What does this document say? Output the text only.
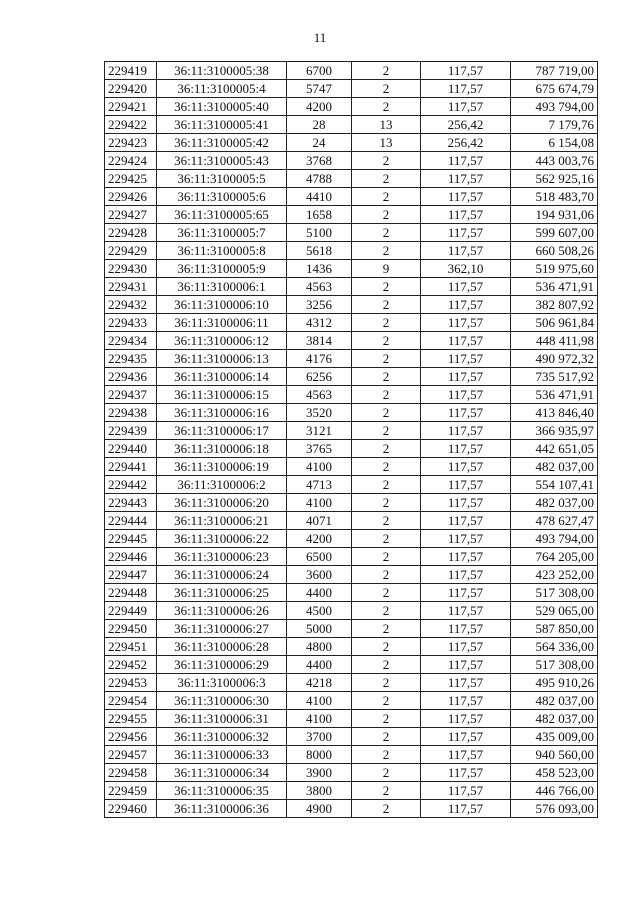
11
229419	36:11:3100005:38	6700	2	117,57	787 719,00
229420	36:11:3100005:4	5747	2	117,57	675 674,79
229421	36:11:3100005:40	4200	2	117,57	493 794,00
229422	36:11:3100005:41	28	13	256,42	7 179,76
229423	36:11:3100005:42	24	13	256,42	6 154,08
229424	36:11:3100005:43	3768	2	117,57	443 003,76
229425	36:11:3100005:5	4788	2	117,57	562 925,16
229426	36:11:3100005:6	4410	2	117,57	518 483,70
229427	36:11:3100005:65	1658	2	117,57	194 931,06
229428	36:11:3100005:7	5100	2	117,57	599 607,00
229429	36:11:3100005:8	5618	2	117,57	660 508,26
229430	36:11:3100005:9	1436	9	362,10	519 975,60
229431	36:11:3100006:1	4563	2	117,57	536 471,91
229432	36:11:3100006:10	3256	2	117,57	382 807,92
229433	36:11:3100006:11	4312	2	117,57	506 961,84
229434	36:11:3100006:12	3814	2	117,57	448 411,98
229435	36:11:3100006:13	4176	2	117,57	490 972,32
229436	36:11:3100006:14	6256	2	117,57	735 517,92
229437	36:11:3100006:15	4563	2	117,57	536 471,91
229438	36:11:3100006:16	3520	2	117,57	413 846,40
229439	36:11:3100006:17	3121	2	117,57	366 935,97
229440	36:11:3100006:18	3765	2	117,57	442 651,05
229441	36:11:3100006:19	4100	2	117,57	482 037,00
229442	36:11:3100006:2	4713	2	117,57	554 107,41
229443	36:11:3100006:20	4100	2	117,57	482 037,00
229444	36:11:3100006:21	4071	2	117,57	478 627,47
229445	36:11:3100006:22	4200	2	117,57	493 794,00
229446	36:11:3100006:23	6500	2	117,57	764 205,00
229447	36:11:3100006:24	3600	2	117,57	423 252,00
229448	36:11:3100006:25	4400	2	117,57	517 308,00
229449	36:11:3100006:26	4500	2	117,57	529 065,00
229450	36:11:3100006:27	5000	2	117,57	587 850,00
229451	36:11:3100006:28	4800	2	117,57	564 336,00
229452	36:11:3100006:29	4400	2	117,57	517 308,00
229453	36:11:3100006:3	4218	2	117,57	495 910,26
229454	36:11:3100006:30	4100	2	117,57	482 037,00
229455	36:11:3100006:31	4100	2	117,57	482 037,00
229456	36:11:3100006:32	3700	2	117,57	435 009,00
229457	36:11:3100006:33	8000	2	117,57	940 560,00
229458	36:11:3100006:34	3900	2	117,57	458 523,00
229459	36:11:3100006:35	3800	2	117,57	446 766,00
229460	36:11:3100006:36	4900	2	117,57	576 093,00
